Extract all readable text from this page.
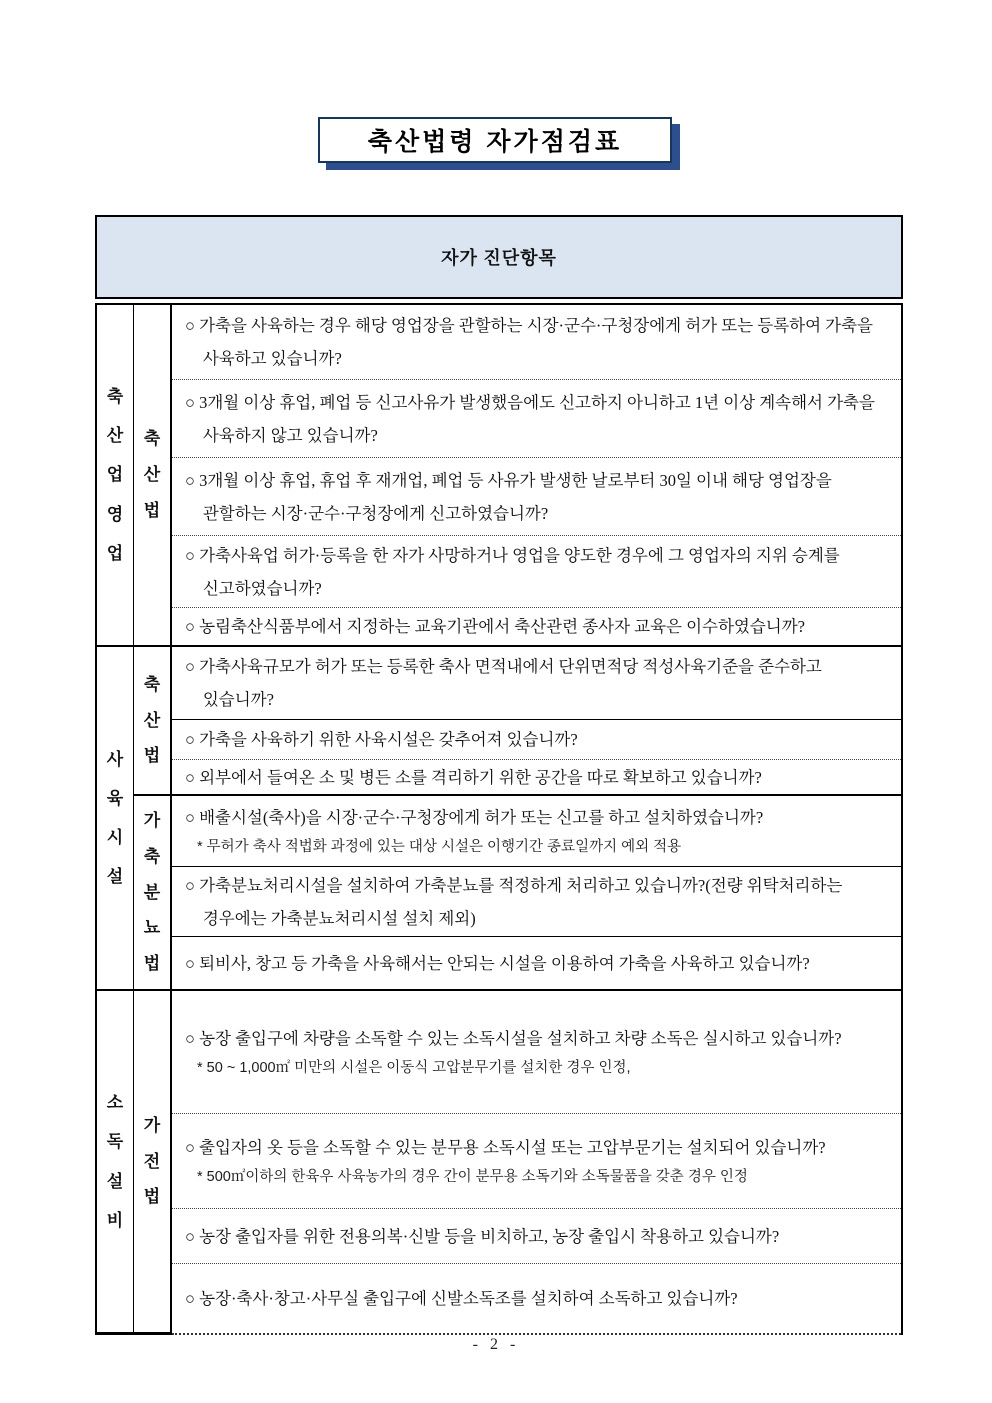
축산법령 자가점검표
자가 진단항목
축산업영업
축산법
○ 가축을 사육하는 경우 해당 영업장을 관할하는 시장·군수·구청장에게 허가 또는 등록하여 가축을 사육하고 있습니까?
○ 3개월 이상 휴업, 폐업 등 신고사유가 발생했음에도 신고하지 아니하고 1년 이상 계속해서 가축을 사육하지 않고 있습니까?
○ 3개월 이상 휴업, 휴업 후 재개업, 폐업 등 사유가 발생한 날로부터 30일 이내 해당 영업장을 관할하는 시장·군수·구청장에게 신고하였습니까?
○ 가축사육업 허가·등록을 한 자가 사망하거나 영업을 양도한 경우에 그 영업자의 지위 승계를 신고하였습니까?
○ 농림축산식품부에서 지정하는 교육기관에서 축산관련 종사자 교육은 이수하였습니까?
사육시설
축산법
○ 가축사육규모가 허가 또는 등록한 축사 면적내에서 단위면적당 적성사육기준을 준수하고 있습니까?
○ 가축을 사육하기 위한 사육시설은 갖추어져 있습니까?
○ 외부에서 들여온 소 및 병든 소를 격리하기 위한 공간을 따로 확보하고 있습니까?
가축분뇨법
○ 배출시설(축사)을 시장·군수·구청장에게 허가 또는 신고를 하고 설치하였습니까?
* 무허가 축사 적법화 과정에 있는 대상 시설은 이행기간 종료일까지 예외 적용
○ 가축분뇨처리시설을 설치하여 가축분뇨를 적정하게 처리하고 있습니까?(전량 위탁처리하는 경우에는 가축분뇨처리시설 설치 제외)
○ 퇴비사, 창고 등 가축을 사육해서는 안되는 시설을 이용하여 가축을 사육하고 있습니까?
소독설비
가전법
○ 농장 출입구에 차량을 소독할 수 있는 소독시설을 설치하고 차량 소독은 실시하고 있습니까?
* 50 ~ 1,000㎡ 미만의 시설은 이동식 고압분무기를 설치한 경우 인정,
○ 출입자의 옷 등을 소독할 수 있는 분무용 소독시설 또는 고압부문기는 설치되어 있습니까?
* 500㎡이하의 한육우 사육농가의 경우 간이 분무용 소독기와 소독물품을 갖춘 경우 인정
○ 농장 출입자를 위한 전용의복·신발 등을 비치하고, 농장 출입시 착용하고 있습니까?
○ 농장·축사·창고·사무실 출입구에 신발소독조를 설치하여 소독하고 있습니까?
- 2 -
